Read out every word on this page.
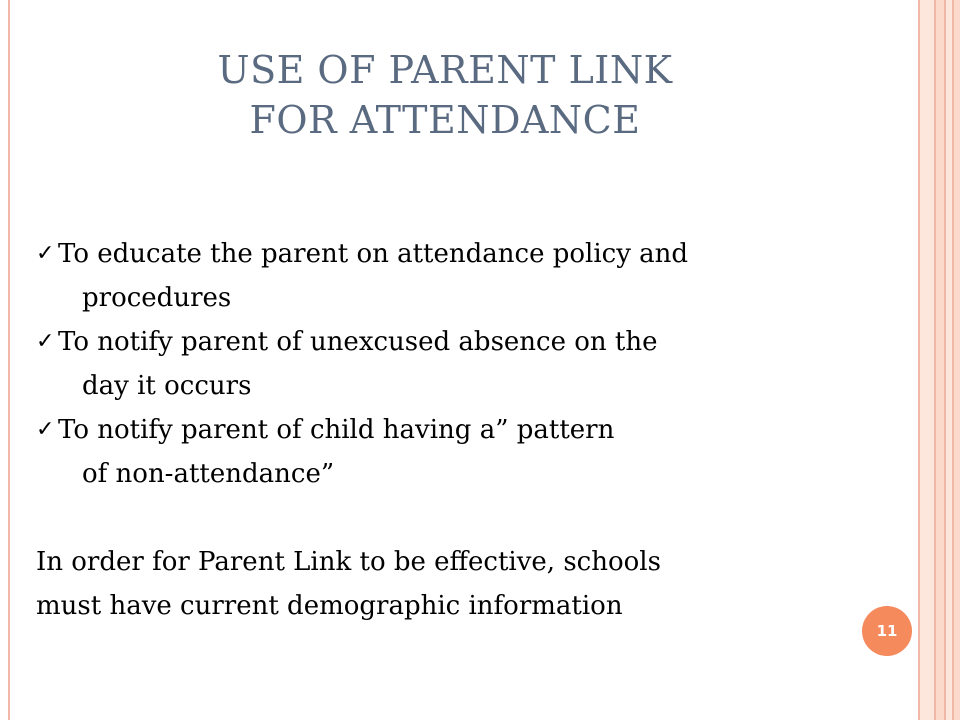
USE OF PARENT LINK
FOR ATTENDANCE
✓ To educate the parent on attendance policy and
procedures
✓ To notify parent of unexcused absence on the
day it occurs
✓ To notify parent of child having a” pattern
of non-attendance”
In order for Parent Link to be effective, schools
must have current demographic information
11
